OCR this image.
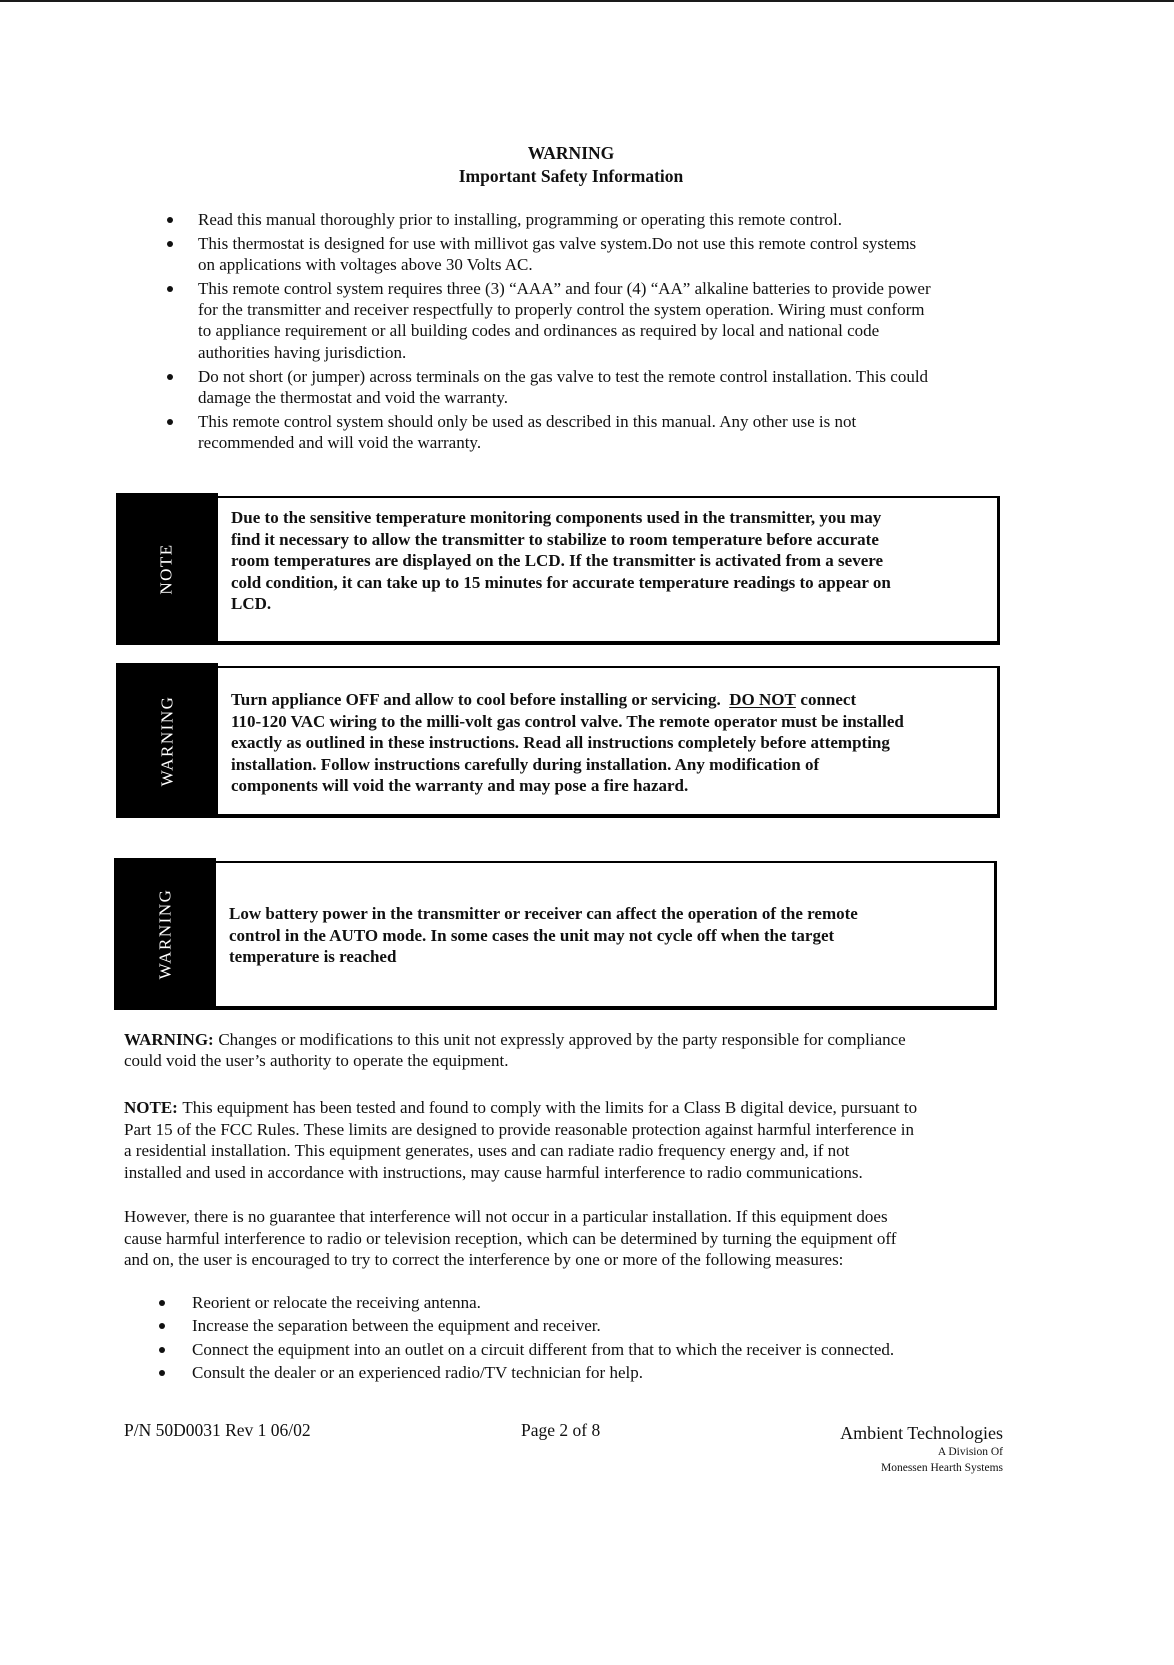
WARNING
Important Safety Information
Read this manual thoroughly prior to installing, programming or operating this remote control.
This thermostat is designed for use with millivot gas valve system.Do not use this remote control systems
on applications with voltages above 30 Volts AC.
This remote control system requires three (3) “AAA” and four (4) “AA” alkaline batteries to provide power
for the transmitter and receiver respectfully to properly control the system operation. Wiring must conform
to appliance requirement or all building codes and ordinances as required by local and national code
authorities having jurisdiction.
Do not short (or jumper) across terminals on the gas valve to test the remote control installation. This could
damage the thermostat and void the warranty.
This remote control system should only be used as described in this manual. Any other use is not
recommended and will void the warranty.
NOTE
Due to the sensitive temperature monitoring components used in the transmitter, you may
find it necessary to allow the transmitter to stabilize to room temperature before accurate
room temperatures are displayed on the LCD. If the transmitter is activated from a severe
cold condition, it can take up to 15 minutes for accurate temperature readings to appear on
LCD.
WARNING	Turn appliance OFF and allow to cool before installing or servicing. DO NOT connect
110-120 VAC wiring to the milli-volt gas control valve. The remote operator must be installed
exactly as outlined in these instructions. Read all instructions completely before attempting
installation. Follow instructions carefully during installation. Any modification of
components will void the warranty and may pose a fire hazard.
WARNING	Low battery power in the transmitter or receiver can affect the operation of the remote
control in the AUTO mode. In some cases the unit may not cycle off when the target
temperature is reached
WARNING: Changes or modifications to this unit not expressly approved by the party responsible for compliance
could void the user’s authority to operate the equipment.
NOTE: This equipment has been tested and found to comply with the limits for a Class B digital device, pursuant to
Part 15 of the FCC Rules. These limits are designed to provide reasonable protection against harmful interference in
a residential installation. This equipment generates, uses and can radiate radio frequency energy and, if not
installed and used in accordance with instructions, may cause harmful interference to radio communications.
However, there is no guarantee that interference will not occur in a particular installation. If this equipment does
cause harmful interference to radio or television reception, which can be determined by turning the equipment off
and on, the user is encouraged to try to correct the interference by one or more of the following measures:
Reorient or relocate the receiving antenna.
Increase the separation between the equipment and receiver.
Connect the equipment into an outlet on a circuit different from that to which the receiver is connected.
Consult the dealer or an experienced radio/TV technician for help.
P/N 50D0031 Rev 1 06/02	Page 2 of 8	Ambient Technologies
A Division Of
Monessen Hearth Systems
